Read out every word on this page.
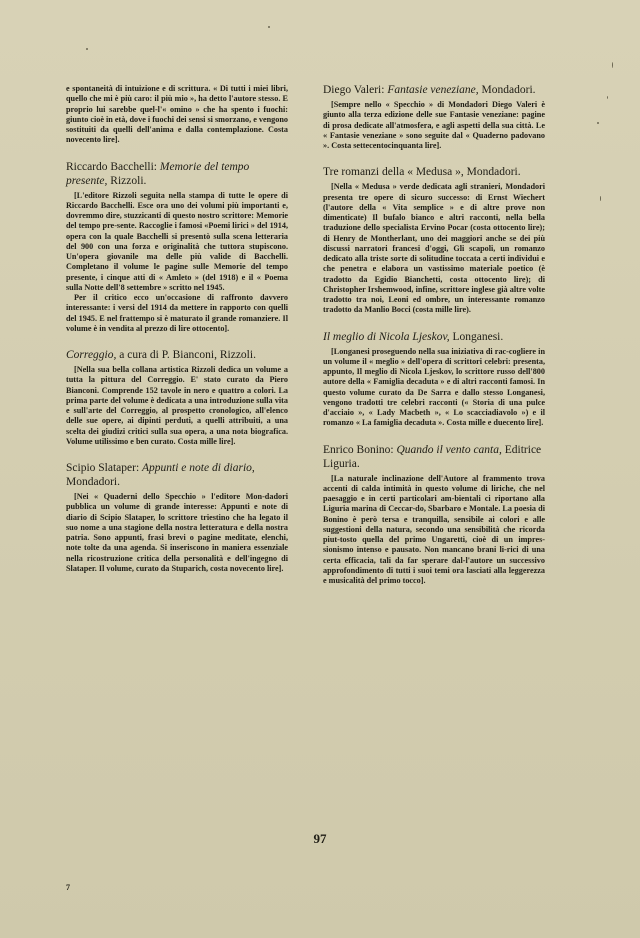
e spontaneità di intuizione e di scrittura. « Di tutti i miei libri, quello che mi è più caro: il più mio », ha detto l'autore stesso. E proprio lui sarebbe quel-l'« omino » che ha spento i fuochi: giunto cioè in età, dove i fuochi dei sensi si smorzano, e vengono sostituiti da quelli dell'anima e dalla contemplazione. Costa novecento lire].

Riccardo Bacchelli: Memorie del tempo presente, Rizzoli.

[L'editore Rizzoli seguita nella stampa di tutte le opere di Riccardo Bacchelli. Esce ora uno dei volumi più importanti e, dovremmo dire, stuzzicanti di questo nostro scrittore: Memorie del tempo pre-sente. Raccoglie i famosi «Poemi lirici » del 1914, opera con la quale Bacchelli si presentò sulla scena letteraria del 900 con una forza e originalità che tuttora stupiscono. Un'opera giovanile ma delle più valide di Bacchelli. Completano il volume le pagine sulle Memorie del tempo presente, i cinque atti di « Amleto » (del 1918) e il « Poema sulla Notte dell'8 settembre » scritto nel 1945.

Per il critico ecco un'occasione di raffronto davvero interessante: i versi del 1914 da mettere in rapporto con quelli del 1945. E nel frattempo si è maturato il grande romanziere. Il volume è in vendita al prezzo di lire ottocento].

Correggio, a cura di P. Bianconi, Rizzoli.

[Nella sua bella collana artistica Rizzoli dedica un volume a tutta la pittura del Correggio. E' stato curato da Piero Bianconi. Comprende 152 tavole in nero e quattro a colori. La prima parte del volume è dedicata a una introduzione sulla vita e sull'arte del Correggio, al prospetto cronologico, all'elenco delle sue opere, ai dipinti perduti, a quelli attribuiti, a una scelta dei giudizi critici sulla sua opera, a una nota biografica. Volume utilissimo e ben curato. Costa mille lire].

Scipio Slataper: Appunti e note di diario, Mondadori.

[Nei « Quaderni dello Specchio » l'editore Mon-dadori pubblica un volume di grande interesse: Appunti e note di diario di Scipio Slataper, lo scrittore triestino che ha legato il suo nome a una stagione della nostra letteratura e della nostra patria. Sono appunti, frasi brevi o pagine meditate, elenchi, note tolte da una agenda. Si inseriscono in maniera essenziale nella ricostruzione critica della personalità e dell'ingegno di Slataper. Il volume, curato da Stuparich, costa novecento lire].

Diego Valeri: Fantasie veneziane, Mondadori.

[Sempre nello « Specchio » di Mondadori Diego Valeri è giunto alla terza edizione delle sue Fantasie veneziane: pagine di prosa dedicate all'atmosfera, e agli aspetti della sua città. Le « Fantasie veneziane » sono seguite dal « Quaderno padovano ». Costa settecentocinquanta lire].

Tre romanzi della « Medusa », Mondadori.

[Nella « Medusa » verde dedicata agli stranieri, Mondadori presenta tre opere di sicuro successo: di Ernst Wiechert (l'autore della « Vita semplice » e di altre prove non dimenticate) Il bufalo bianco e altri racconti, nella bella traduzione dello specialista Ervino Pocar (costa ottocento lire); di Henry de Montherlant, uno dei maggiori anche se dei più discussi narratori francesi d'oggi, Gli scapoli, un romanzo dedicato alla triste sorte di solitudine toccata a certi individui e che penetra e elabora un vastissimo materiale poetico (è tradotto da Egidio Bianchetti, costa ottocento lire); di Christopher Irshemwood, infine, scrittore inglese già altre volte tradotto tra noi, Leoni ed ombre, un interessante romanzo tradotto da Manlio Bocci (costa mille lire).

Il meglio di Nicola Ljeskov, Longanesi.

[Longanesi proseguendo nella sua iniziativa di rac-cogliere in un volume il « meglio » dell'opera di scrittori celebri: presenta, appunto, Il meglio di Nicola Ljeskov, lo scrittore russo dell'800 autore della « Famiglia decaduta » e di altri racconti famosi. In questo volume curato da De Sarra e dallo stesso Longanesi, vengono tradotti tre celebri racconti (« Storia di una pulce d'acciaio », « Lady Macbeth », « Lo scacciadiavolo ») e il romanzo « La famiglia decaduta ». Costa mille e duecento lire].

Enrico Bonino: Quando il vento canta, Editrice Liguria.

[La naturale inclinazione dell'Autore al frammento trova accenti di calda intimità in questo volume di liriche, che nel paesaggio e in certi particolari am-bientali ci riportano alla Liguria marina di Ceccar-do, Sbarbaro e Montale. La poesia di Bonino è però tersa e tranquilla, sensibile ai colori e alle suggestioni della natura, secondo una sensibilità che ricorda piut-tosto quella del primo Ungaretti, cioè di un impres-sionismo intenso e pausato. Non mancano brani li-rici di una certa efficacia, tali da far sperare dal-l'autore un successivo approfondimento di tutti i suoi temi ora lasciati alla leggerezza e musicalità del primo tocco].

97
7
